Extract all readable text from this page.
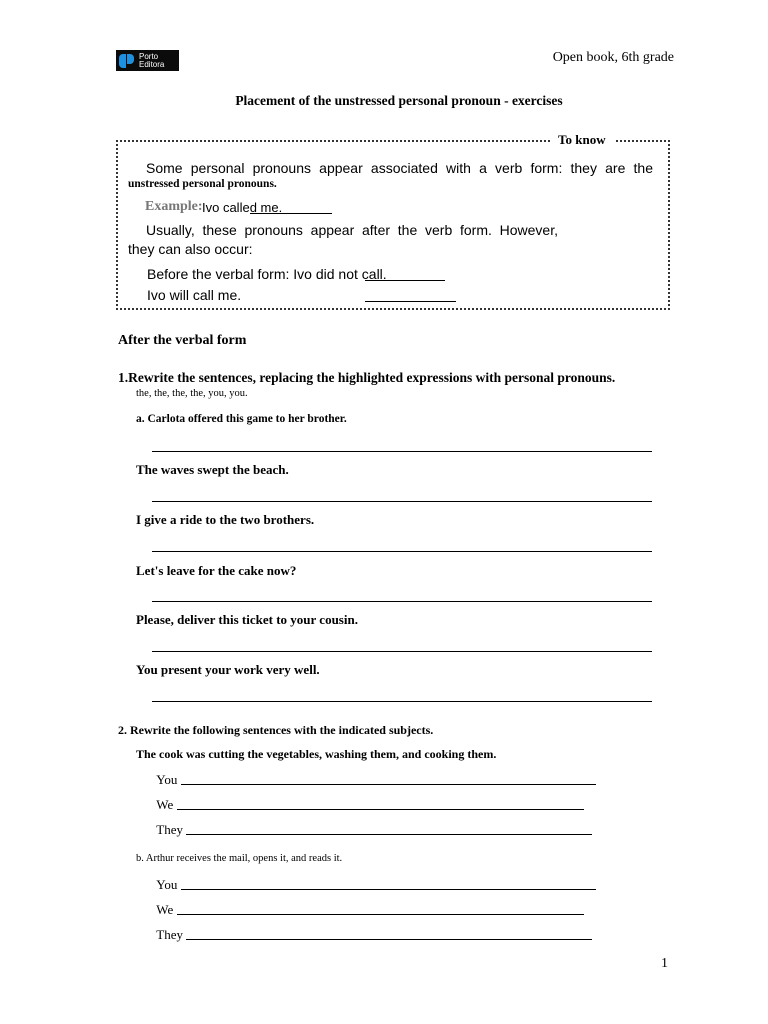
Porto
Editora	Open book, 6th grade
Placement of the unstressed personal pronoun - exercises
To know
Some personal pronouns appear associated with a verb form: they are the
unstressed personal pronouns.
Example: Ivo called me.
Usually, these pronouns appear after the verb form. However,
they can also occur:
Before the verbal form: Ivo did not call.
Ivo will call me.
After the verbal form
1.Rewrite the sentences, replacing the highlighted expressions with personal pronouns.
the, the, the, the, you, you.
a. Carlota offered this game to her brother.
The waves swept the beach.
I give a ride to the two brothers.
Let's leave for the cake now?
Please, deliver this ticket to your cousin.
You present your work very well.
2. Rewrite the following sentences with the indicated subjects.
The cook was cutting the vegetables, washing them, and cooking them.

You

We

They

b. Arthur receives the mail, opens it, and reads it.

You

We

They

1
